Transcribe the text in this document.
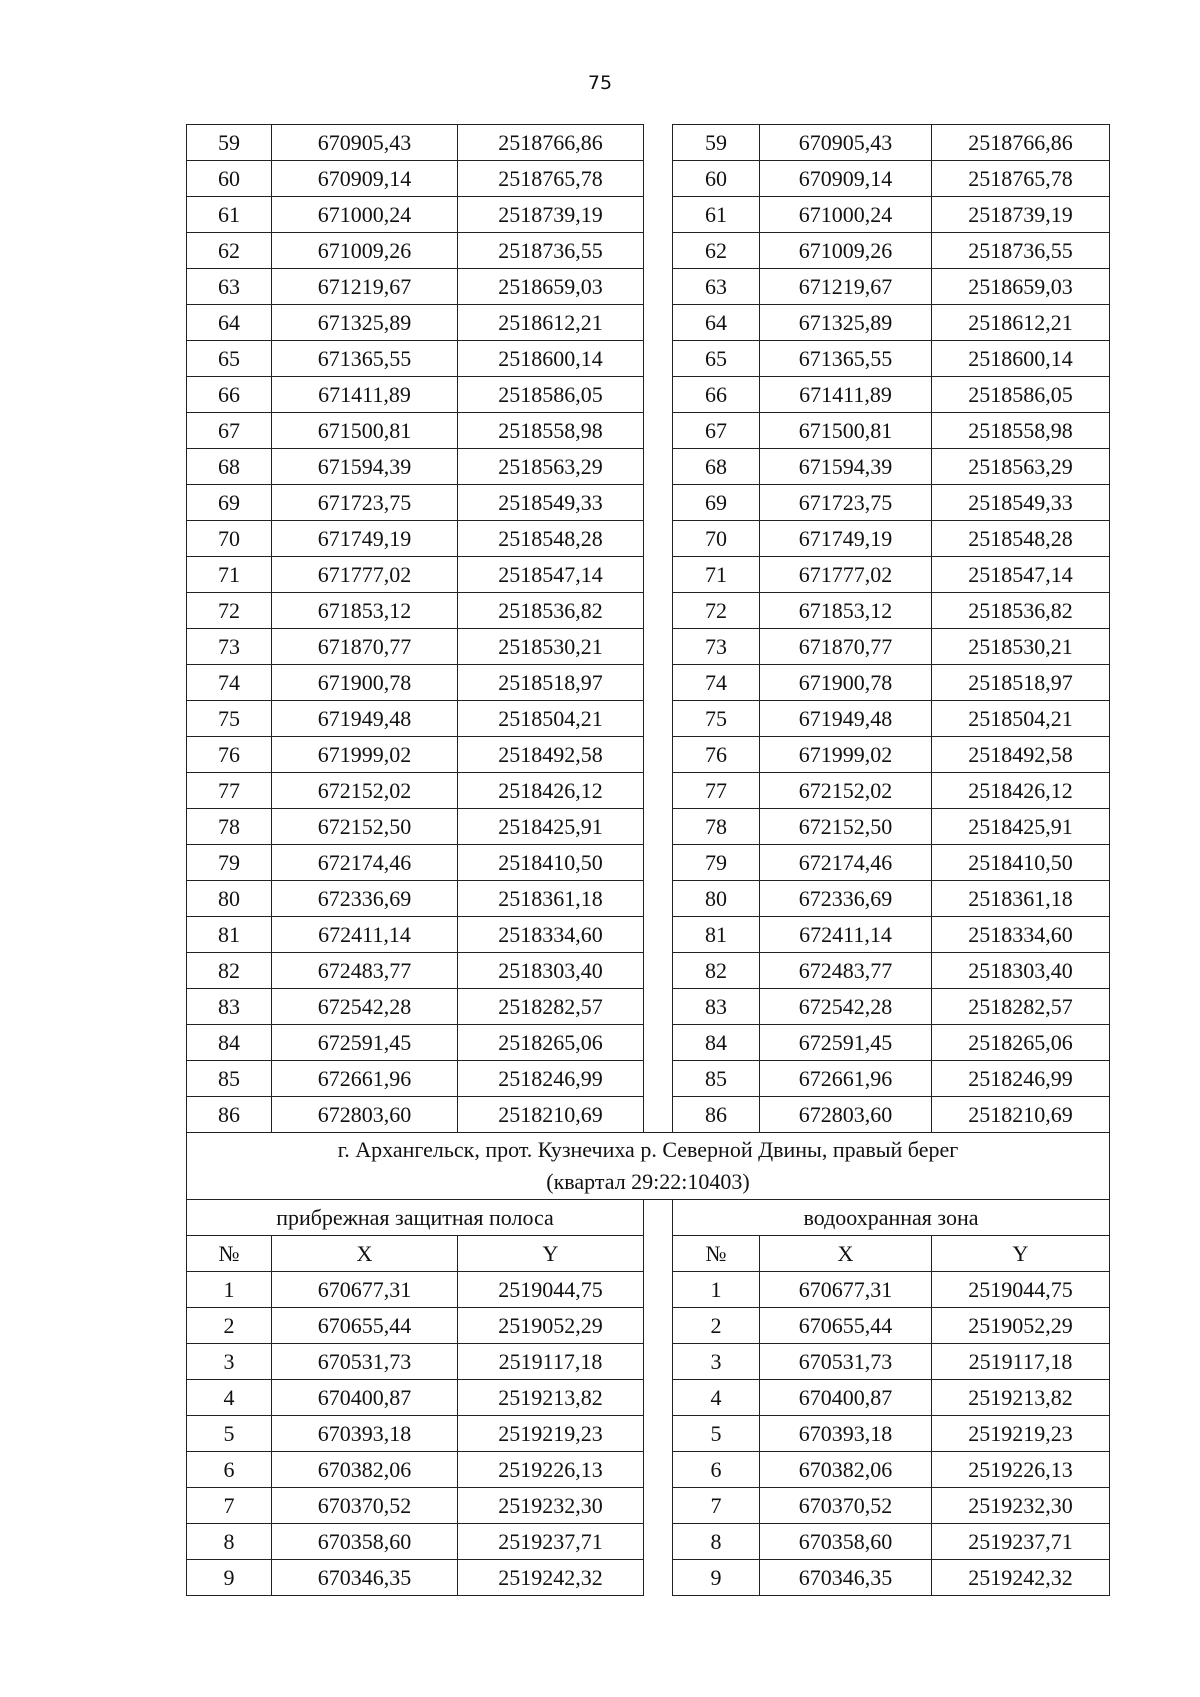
75
59	670905,43	2518766,86		59	670905,43	2518766,86
60	670909,14	2518765,78		60	670909,14	2518765,78
61	671000,24	2518739,19		61	671000,24	2518739,19
62	671009,26	2518736,55		62	671009,26	2518736,55
63	671219,67	2518659,03		63	671219,67	2518659,03
64	671325,89	2518612,21		64	671325,89	2518612,21
65	671365,55	2518600,14		65	671365,55	2518600,14
66	671411,89	2518586,05		66	671411,89	2518586,05
67	671500,81	2518558,98		67	671500,81	2518558,98
68	671594,39	2518563,29		68	671594,39	2518563,29
69	671723,75	2518549,33		69	671723,75	2518549,33
70	671749,19	2518548,28		70	671749,19	2518548,28
71	671777,02	2518547,14		71	671777,02	2518547,14
72	671853,12	2518536,82		72	671853,12	2518536,82
73	671870,77	2518530,21		73	671870,77	2518530,21
74	671900,78	2518518,97		74	671900,78	2518518,97
75	671949,48	2518504,21		75	671949,48	2518504,21
76	671999,02	2518492,58		76	671999,02	2518492,58
77	672152,02	2518426,12		77	672152,02	2518426,12
78	672152,50	2518425,91		78	672152,50	2518425,91
79	672174,46	2518410,50		79	672174,46	2518410,50
80	672336,69	2518361,18		80	672336,69	2518361,18
81	672411,14	2518334,60		81	672411,14	2518334,60
82	672483,77	2518303,40		82	672483,77	2518303,40
83	672542,28	2518282,57		83	672542,28	2518282,57
84	672591,45	2518265,06		84	672591,45	2518265,06
85	672661,96	2518246,99		85	672661,96	2518246,99
86	672803,60	2518210,69		86	672803,60	2518210,69
г. Архангельск, прот. Кузнечиха р. Северной Двины, правый берег
(квартал 29:22:10403)						
прибрежная защитная полоса				водоохранная зона		
№	X	Y		№	X	Y
1	670677,31	2519044,75		1	670677,31	2519044,75
2	670655,44	2519052,29		2	670655,44	2519052,29
3	670531,73	2519117,18		3	670531,73	2519117,18
4	670400,87	2519213,82		4	670400,87	2519213,82
5	670393,18	2519219,23		5	670393,18	2519219,23
6	670382,06	2519226,13		6	670382,06	2519226,13
7	670370,52	2519232,30		7	670370,52	2519232,30
8	670358,60	2519237,71		8	670358,60	2519237,71
9	670346,35	2519242,32		9	670346,35	2519242,32
